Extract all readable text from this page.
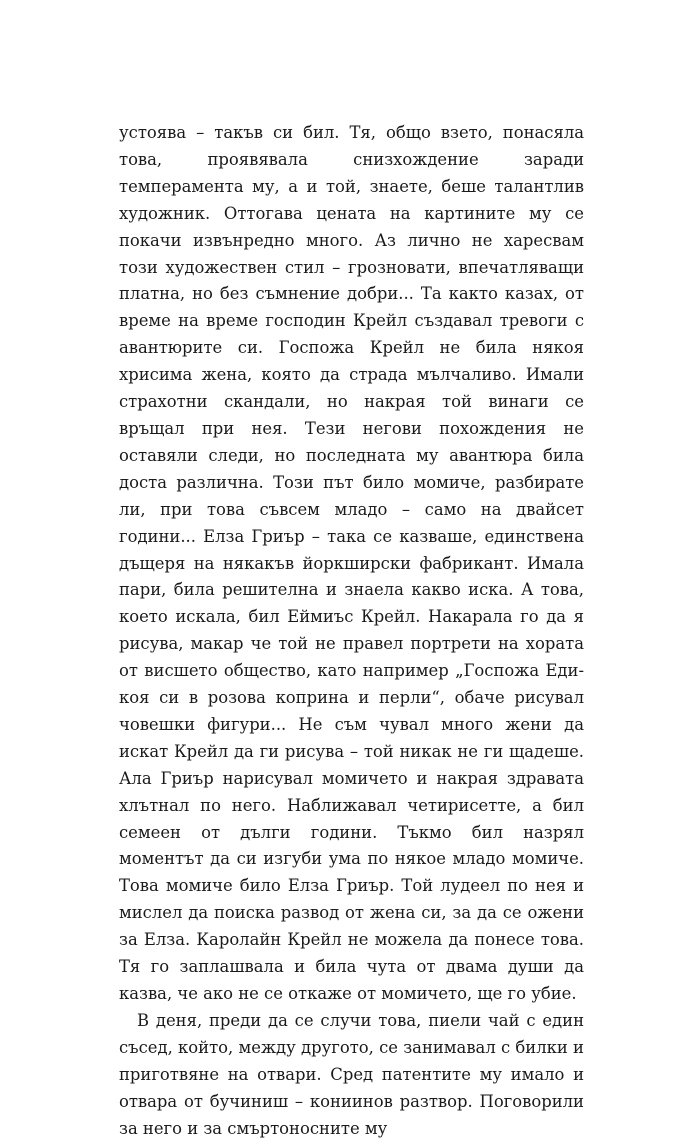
устоява – такъв си бил. Тя, общо взето, понасяла това, проявявала снизхождение заради темперамента му, а и той, знаете, беше талантлив художник. Оттогава цената на картините му се покачи извънредно много. Аз лично не харесвам този художествен стил – грозновати, впечатляващи платна, но без съмнение добри... Та както казах, от време на време господин Крейл създавал тревоги с авантюрите си. Госпожа Крейл не била някоя хрисима жена, която да страда мълчаливо. Имали страхотни скандали, но накрая той винаги се връщал при нея. Тези негови похождения не оставяли следи, но последната му авантюра била доста различна. Този път било момиче, разбирате ли, при това съвсем младо – само на двайсет години... Елза Гриър – така се казваше, единствена дъщеря на някакъв йоркширски фабрикант. Имала пари, била решителна и знаела какво иска. А това, което искала, бил Еймиъс Крейл. Накарала го да я рисува, макар че той не правел портрети на хората от висшето общество, като например „Госпожа Еди-коя си в розова коприна и перли“, обаче рисувал човешки фигури... Не съм чувал много жени да искат Крейл да ги рисува – той никак не ги щадеше. Ала Гриър нарисувал момичето и накрая здравата хлътнал по него. Наближавал четирисетте, а бил семеен от дълги години. Тъкмо бил назрял моментът да си изгуби ума по някое младо момиче. Това момиче било Елза Гриър. Той лудеел по нея и мислел да поиска развод от жена си, за да се ожени за Елза. Каролайн Крейл не можела да понесе това. Тя го заплашвала и била чута от двама души да казва, че ако не се откаже от момичето, ще го убие.

В деня, преди да се случи това, пиели чай с един съсед, който, между другото, се занимавал с билки и приготвяне на отвари. Сред патентите му имало и отвара от бучиниш – кониинов разтвор. Поговорили за него и за смъртоносните му
